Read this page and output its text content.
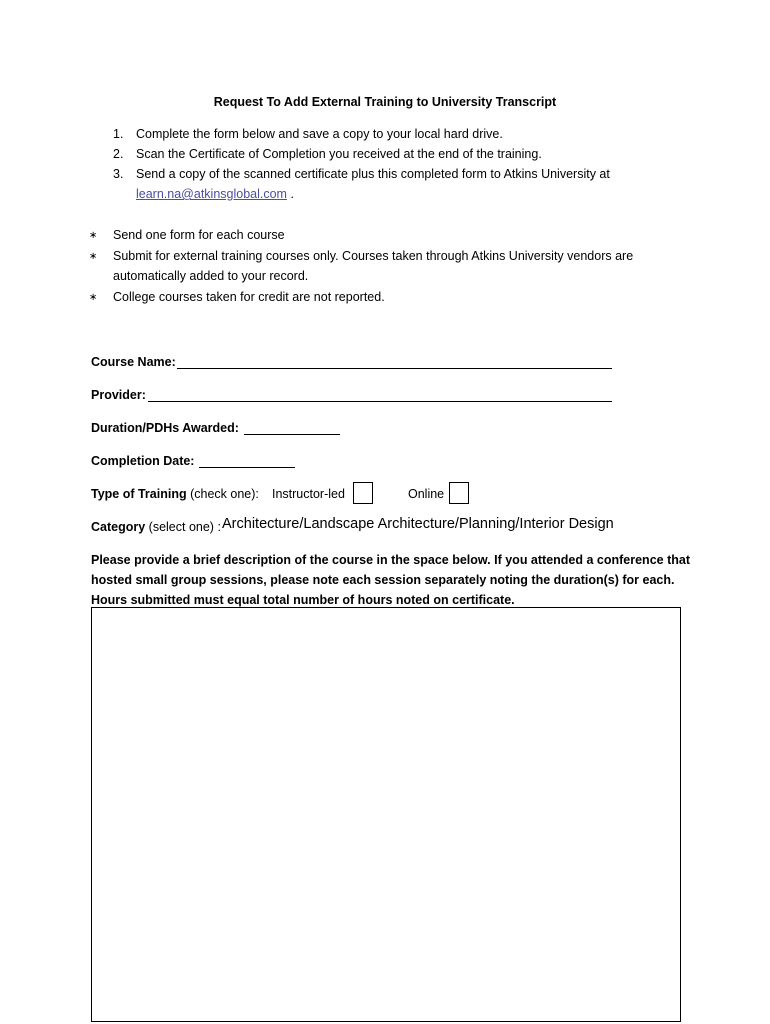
Request To Add External Training to University Transcript
1. Complete the form below and save a copy to your local hard drive.
2. Scan the Certificate of Completion you received at the end of the training.
3. Send a copy of the scanned certificate plus this completed form to Atkins University at
learn.na@atkinsglobal.com .
∗ Send one form for each course
∗ Submit for external training courses only. Courses taken through Atkins University vendors are
automatically added to your record.
∗ College courses taken for credit are not reported.
Course Name:
Provider:
Duration/PDHs Awarded:
Completion Date:
Type of Training (check one): Instructor-led	Online
Category (select one) : Architecture/Landscape Architecture/Planning/Interior Design
Please provide a brief description of the course in the space below. If you attended a conference that
hosted small group sessions, please note each session separately noting the duration(s) for each.
Hours submitted must equal total number of hours noted on certificate.
